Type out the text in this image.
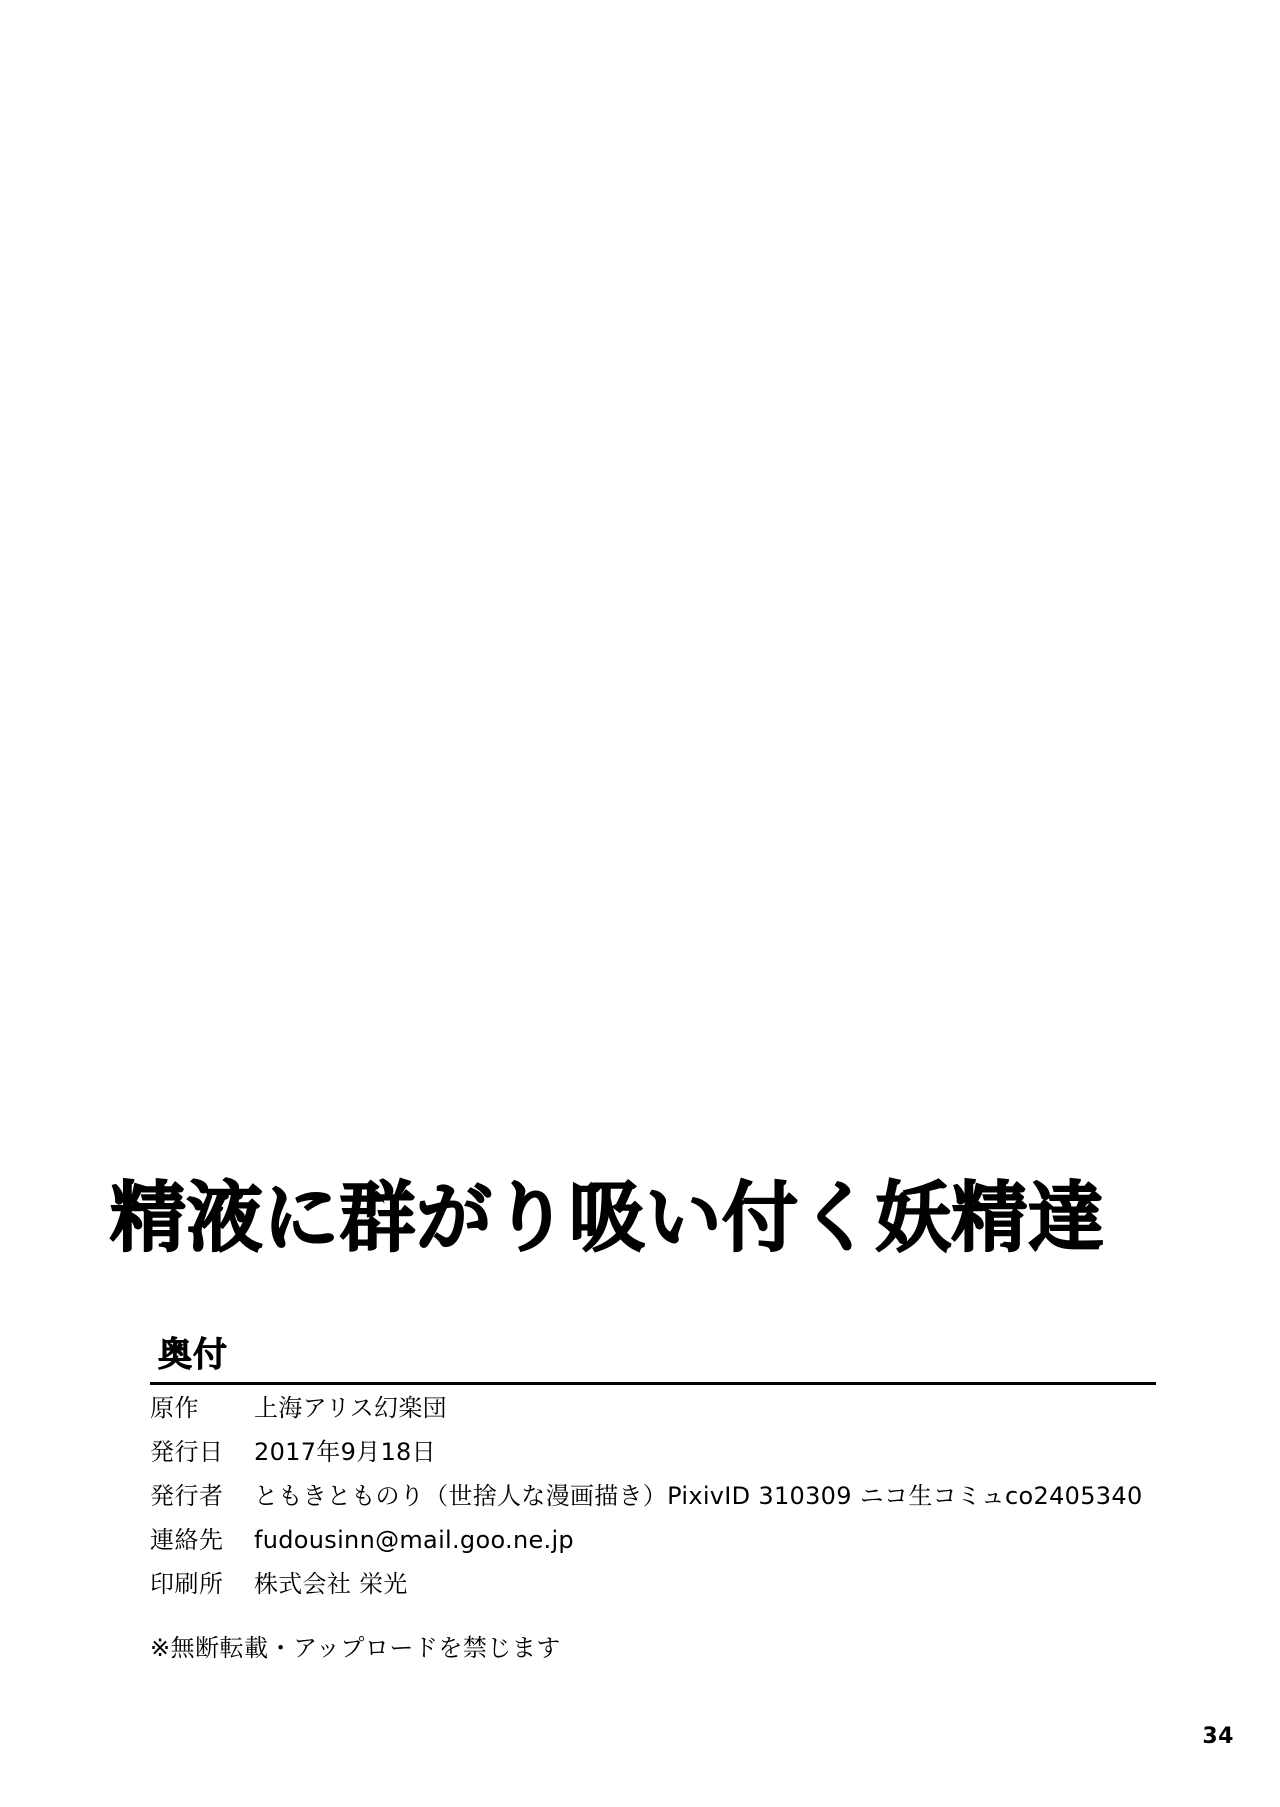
精液に群がり吸い付く妖精達
奥付
原作	上海アリス幻楽団
発行日	2017年9月18日
発行者	ともきとものり（世捨人な漫画描き） PixivID 310309 ニコ生コミュco2405340
連絡先	fudousinn@mail.goo.ne.jp
印刷所	株式会社 栄光
※無断転載・アップロードを禁じます
34
